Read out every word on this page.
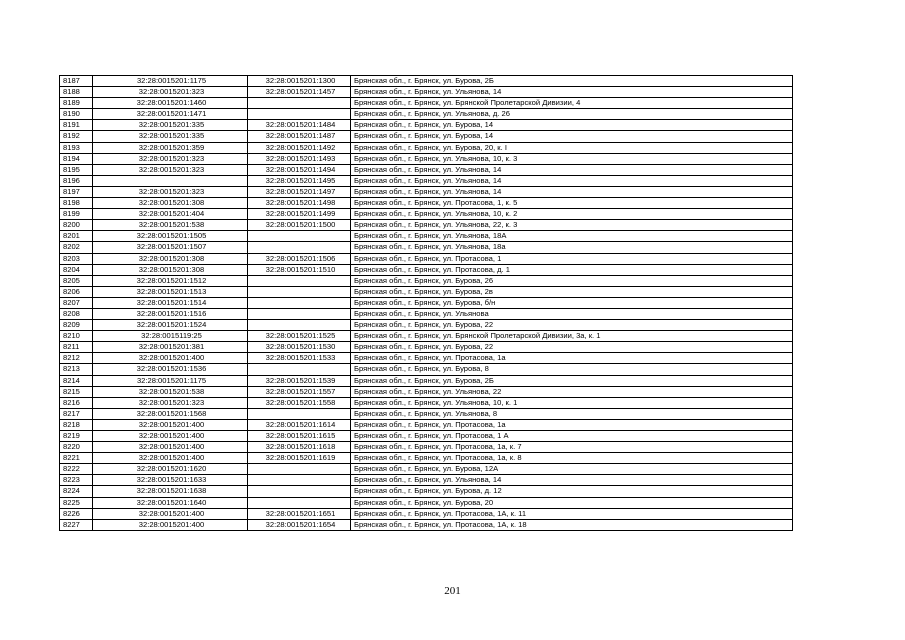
8187	32:28:0015201:1175	32:28:0015201:1300	Брянская обл., г. Брянск, ул. Бурова, 2Б
8188	32:28:0015201:323	32:28:0015201:1457	Брянская обл., г. Брянск, ул. Ульянова, 14
8189	32:28:0015201:1460		Брянская обл., г. Брянск, ул. Брянской Пролетарской Дивизии, 4
8190	32:28:0015201:1471		Брянская обл., г. Брянск, ул. Ульянова, д. 26
8191	32:28:0015201:335	32:28:0015201:1484	Брянская обл., г. Брянск, ул. Бурова, 14
8192	32:28:0015201:335	32:28:0015201:1487	Брянская обл., г. Брянск, ул. Бурова, 14
8193	32:28:0015201:359	32:28:0015201:1492	Брянская обл., г. Брянск, ул. Бурова, 20, к. I
8194	32:28:0015201:323	32:28:0015201:1493	Брянская обл., г. Брянск, ул. Ульянова, 10, к. 3
8195	32:28:0015201:323	32:28:0015201:1494	Брянская обл., г. Брянск, ул. Ульянова, 14
8196		32:28:0015201:1495	Брянская обл., г. Брянск, ул. Ульянова, 14
8197	32:28:0015201:323	32:28:0015201:1497	Брянская обл., г. Брянск, ул. Ульянова, 14
8198	32:28:0015201:308	32:28:0015201:1498	Брянская обл., г. Брянск, ул. Протасова, 1, к. 5
8199	32:28:0015201:404	32:28:0015201:1499	Брянская обл., г. Брянск, ул. Ульянова, 10, к. 2
8200	32:28:0015201:538	32:28:0015201:1500	Брянская обл., г. Брянск, ул. Ульянова, 22, к. 3
8201	32:28:0015201:1505		Брянская обл., г. Брянск, ул. Ульянова, 18А
8202	32:28:0015201:1507		Брянская обл., г. Брянск, ул. Ульянова, 18а
8203	32:28:0015201:308	32:28:0015201:1506	Брянская обл., г. Брянск, ул. Протасова, 1
8204	32:28:0015201:308	32:28:0015201:1510	Брянская обл., г. Брянск, ул. Протасова, д. 1
8205	32:28:0015201:1512		Брянская обл., г. Брянск, ул. Бурова, 26
8206	32:28:0015201:1513		Брянская обл., г. Брянск, ул. Бурова, 2в
8207	32:28:0015201:1514		Брянская обл., г. Брянск, ул. Бурова, б/н
8208	32:28:0015201:1516		Брянская обл., г. Брянск, ул. Ульянова
8209	32:28:0015201:1524		Брянская обл., г. Брянск, ул. Бурова, 22
8210	32:28:0015119:25	32:28:0015201:1525	Брянская обл., г. Брянск, ул. Брянской Пролетарской Дивизии, 3а, к. 1
8211	32:28:0015201:381	32:28:0015201:1530	Брянская обл., г. Брянск, ул. Бурова, 22
8212	32:28:0015201:400	32:28:0015201:1533	Брянская обл., г. Брянск, ул. Протасова, 1а
8213	32:28:0015201:1536		Брянская обл., г. Брянск, ул. Бурова, 8
8214	32:28:0015201:1175	32:28:0015201:1539	Брянская обл., г. Брянск, ул. Бурова, 2Б
8215	32:28:0015201:538	32:28:0015201:1557	Брянская обл., г. Брянск, ул. Ульянова, 22
8216	32:28:0015201:323	32:28:0015201:1558	Брянская обл., г. Брянск, ул. Ульянова, 10, к. 1
8217	32:28:0015201:1568		Брянская обл., г. Брянск, ул. Ульянова, 8
8218	32:28:0015201:400	32:28:0015201:1614	Брянская обл., г. Брянск, ул. Протасова, 1а
8219	32:28:0015201:400	32:28:0015201:1615	Брянская обл., г. Брянск, ул. Протасова, 1 А
8220	32:28:0015201:400	32:28:0015201:1618	Брянская обл., г. Брянск, ул. Протасова, 1а, к. 7
8221	32:28:0015201:400	32:28:0015201:1619	Брянская обл., г. Брянск, ул. Протасова, 1а, к. 8
8222	32:28:0015201:1620		Брянская обл., г. Брянск, ул. Бурова, 12А
8223	32:28:0015201:1633		Брянская обл., г. Брянск, ул. Ульянова, 14
8224	32:28:0015201:1638		Брянская обл., г. Брянск, ул. Бурова, д. 12
8225	32:28:0015201:1640		Брянская обл., г. Брянск, ул. Бурова, 20
8226	32:28:0015201:400	32:28:0015201:1651	Брянская обл., г. Брянск, ул. Протасова, 1А, к. 11
8227	32:28:0015201:400	32:28:0015201:1654	Брянская обл., г. Брянск, ул. Протасова, 1А, к. 18
201
